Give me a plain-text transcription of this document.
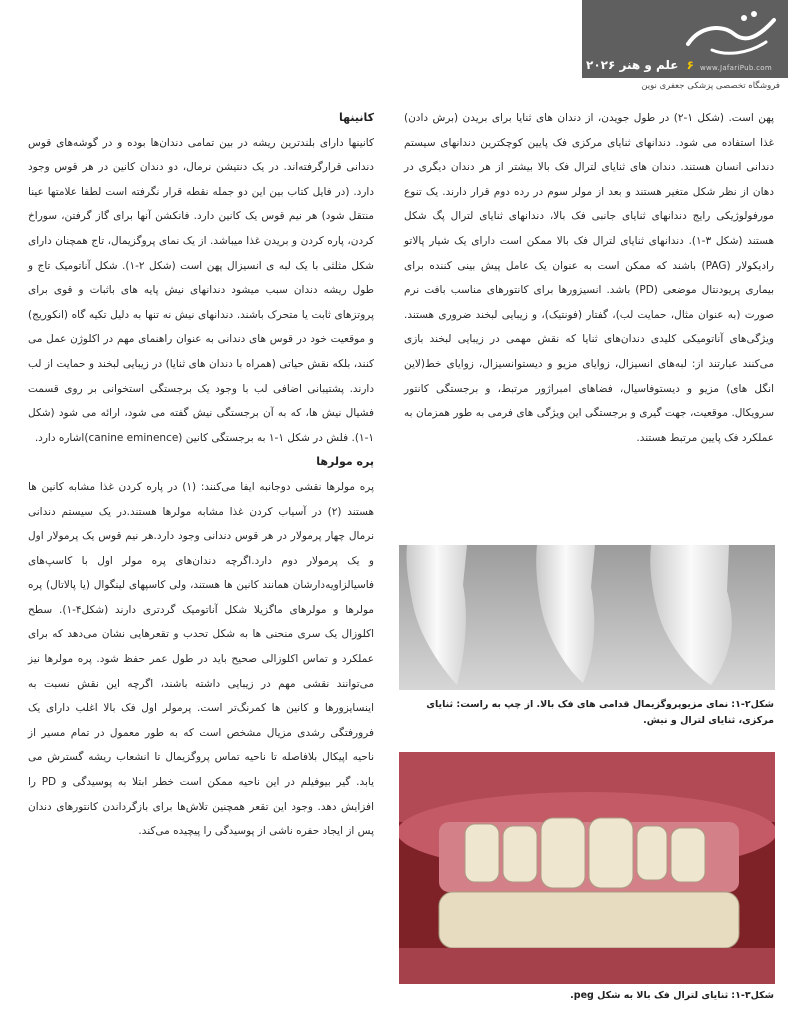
۶ علم و هنر ۲۰۲۶	www.JafariPub.com
فروشگاه تخصصی پزشکی جعفری نوین

پهن است. (شکل ۱-۲) در طول جویدن، از دندان های ثنایا برای بریدن (برش دادن) غذا استفاده می شود. دندانهای ثنایای مرکزی فک پایین کوچکترین دندانهای سیستم دندانی انسان هستند. دندان های ثنایای لترال فک بالا بیشتر از هر دندان دیگری در دهان از نظر شکل متغیر هستند و بعد از مولر سوم در رده دوم قرار دارند. یک تنوع مورفولوژیکی رایج دندانهای ثنایای جانبی فک بالا، دندانهای ثنایای لترال پگ شکل هستند (شکل ۳-۱). دندانهای ثنایای لترال فک بالا ممکن است دارای یک شیار پالاتو رادیکولار (PAG) باشند که ممکن است به عنوان یک عامل پیش بینی کننده برای بیماری پریودنتال موضعی (PD) باشد. انسیزورها برای کانتورهای مناسب بافت نرم صورت (به عنوان مثال، حمایت لب)، گفتار (فونتیک)، و زیبایی لبخند ضروری هستند. ویژگی‌های آناتومیکی کلیدی دندان‌های ثنایا که نقش مهمی در زیبایی لبخند بازی می‌کنند عبارتند از: لبه‌های انسیزال، زوایای مزیو و دیستوانسیزال، زوایای خط(لاین انگل های) مزیو و دیستوفاسیال، فضاهای امبراژور مرتبط، و برجستگی کانتور سرویکال. موقعیت، جهت گیری و برجستگی این ویژگی های فرمی به طور همزمان به عملکرد فک پایین مرتبط هستند.

شکل۲-۱: نمای مزیوپروگزیمال قدامی های فک بالا. از چپ به راست: ثنایای مرکزی، ثنایای لترال و نیش.
شکل۳-۱: ثنایای لترال فک بالا به شکل peg.

کانینها

کانینها دارای بلندترین ریشه در بین تمامی دندان‌ها بوده و در گوشه‌های قوس دندانی قرار‌گرفته‌اند. در یک دنتیشن نرمال، دو دندان کانین در هر قوس وجود دارد. (در فایل کتاب بین این دو جمله نقطه قرار نگرفته است لطفا علامتها عینا منتقل شود) هر نیم قوس یک کانین دارد. فانکشن آنها برای گاز گرفتن، سوراخ کردن، پاره کردن و بریدن غذا میباشد. از یک نمای پروگزیمال، تاج همچنان دارای شکل مثلثی با یک لبه ی انسیزال پهن است (شکل ۲-۱). شکل آناتومیک تاج و طول ریشه دندان سبب میشود دندانهای نیش پایه های باثبات و قوی برای پروتزهای ثابت یا متحرک باشند. دندانهای نیش نه تنها به دلیل تکیه گاه (انکوریج) و موقعیت خود در قوس های دندانی به عنوان راهنمای مهم در اکلوژن عمل می کنند، بلکه نقش حیاتی (همراه با دندان های ثنایا) در زیبایی لبخند و حمایت از لب دارند. پشتیبانی اضافی لب با وجود یک برجستگی استخوانی بر روی قسمت فشیال نیش ها، که به آن برجستگی نیش گفته می شود، ارائه می شود (شکل ۱-۱). فلش در شکل ۱-۱ به برجستگی کانین (canine eminence)اشاره دارد.

پره مولرها

پره مولرها نقشی دوجانبه ایفا می‌کنند: (۱) در پاره کردن غذا مشابه کانین ها هستند (۲) در آسیاب کردن غذا مشابه مولرها هستند.در یک سیستم دندانی نرمال چهار پرمولار در هر قوس دندانی وجود دارد.هر نیم قوس یک پرمولار اول و یک پرمولار دوم دارد.اگرچه دندان‌های پره مولر اول با کاسپ‌های فاسیالزاویه‌دارشان همانند کانین ها هستند، ولی کاسپهای لینگوال (یا پالاتال) پره مولرها و مولرهای ماگزیلا شکل آناتومیک گردتری دارند (شکل۴-۱). سطح اکلوزال یک سری منحنی ها به شکل تحدب و تقعرهایی نشان می‌دهد که برای عملکرد و تماس اکلوزالی صحیح باید در طول عمر حفظ شود. پره مولرها نیز می‌توانند نقشی مهم در زیبایی داشته باشند، اگرچه این نقش نسبت به اینسایزورها و کانین ها کمرنگ‌تر است. پرمولر اول فک بالا اغلب دارای یک فرورفتگی رشدی مزیال مشخص است که به طور معمول در تمام مسیر از ناحیه اپیکال بلافاصله تا ناحیه تماس پروگزیمال تا انشعاب ریشه گسترش می یابد. گیر بیوفیلم در این ناحیه ممکن است خطر ابتلا به پوسیدگی و PD را افزایش دهد. وجود این تقعر همچنین تلاش‌ها برای بازگرداندن کانتورهای دندان پس از ایجاد حفره ناشی از پوسیدگی را پیچیده می‌کند.
